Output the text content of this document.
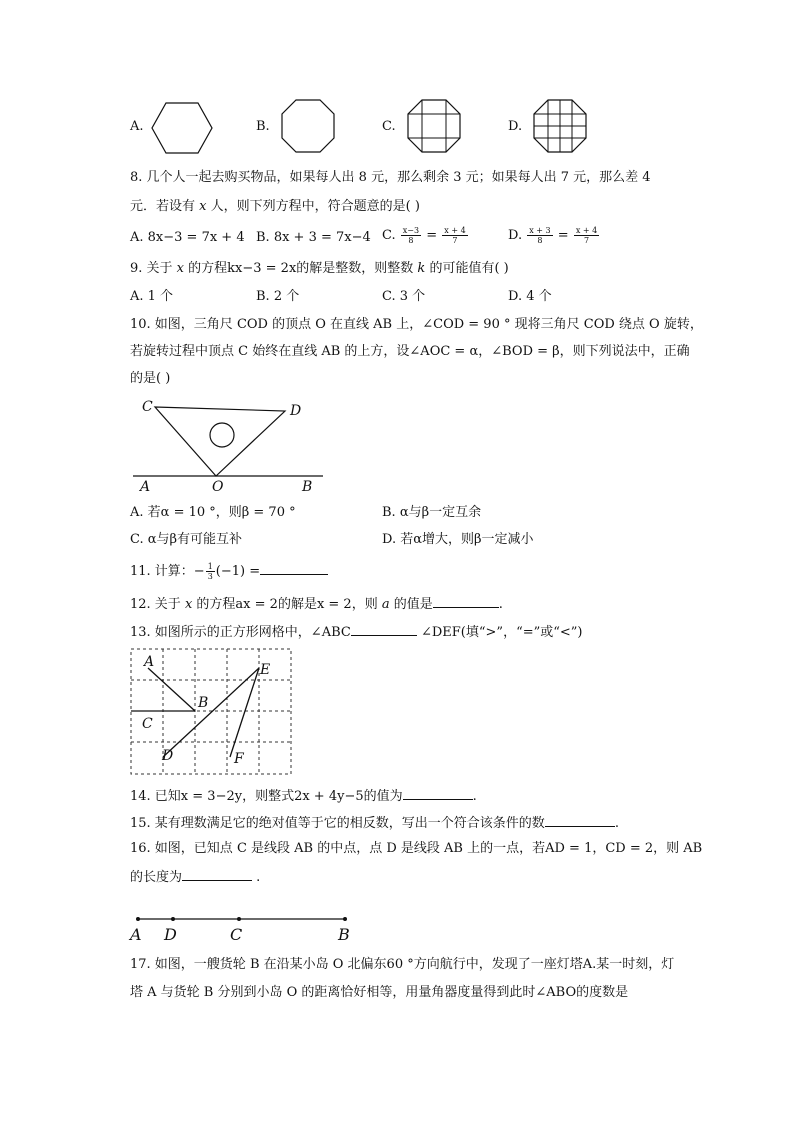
A.	B.	C.	D.
8. 几个人一起去购买物品，如果每人出 8 元，那么剩余 3 元；如果每人出 7 元，那么差 4
元．若设有 x 人，则下列方程中，符合题意的是( )
A. 8x−3 = 7x + 4 B. 8x + 3 = 7x−4 C. $\frac{x-3}{8} = \frac{x + 4}{7}$	D. $\frac{x + 3}{8} = \frac{x + 4}{7}$
9. 关于 x 的方程kx−3 = 2x的解是整数，则整数 k 的可能值有( )
A. 1 个	B. 2 个	C. 3 个	D. 4 个
10. 如图，三角尺 COD 的顶点 O 在直线 AB 上，∠COD = 90 ° 现将三角尺 COD 绕点 O 旋转，
若旋转过程中顶点 C 始终在直线 AB 的上方，设∠AOC = α，∠BOD = β，则下列说法中，正确
的是( )
C	D
O
A	B
A. 若α = 10 °，则β = 70 °	B. α与β一定互余
C. α与β有可能互补	D. 若α增大，则β一定减小
11. 计算：− $\frac{1}{3} (-1)$ =
12. 关于 x 的方程ax = 2的解是x = 2，则 a 的值是	.
13. 如图所示的正方形网格中，∠ABC	∠DEF(填“>”，“=”或“<”)
A
B
C
D
E
F
14. 已知x = 3−2y，则整式2x + 4y−5的值为	.
15. 某有理数满足它的绝对值等于它的相反数，写出一个符合该条件的数	.
16. 如图，已知点 C 是线段 AB 的中点，点 D 是线段 AB 上的一点，若AD = 1，CD = 2，则 AB
的长度为	.
A D	C	B
17. 如图，一艘货轮 B 在沿某小岛 O 北偏东60 °方向航行中，发现了一座灯塔A.某一时刻，灯
塔 A 与货轮 B 分别到小岛 O 的距离恰好相等，用量角器度量得到此时∠ABO的度数是
